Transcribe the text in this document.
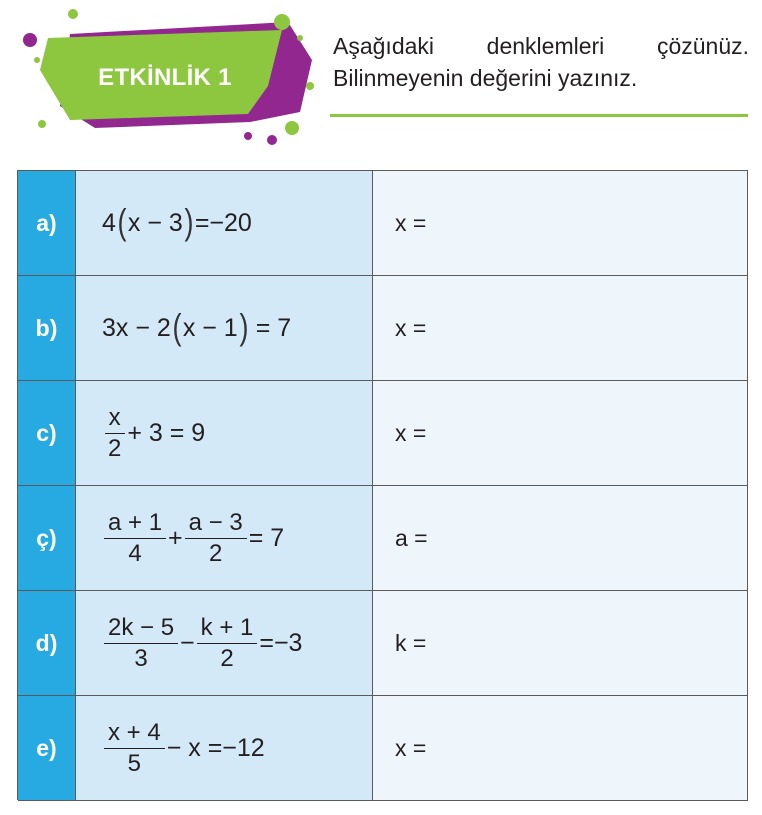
ETKİNLİK 1
Aşağıdaki denklemleri çözünüz.
Bilinmeyenin değerini yazınız.
a)	4 ( x − 3 ) =−20	x =
b)	3x − 2 ( x − 1 ) = 7	x =
c)	$\frac{x}{2} + 3 = 9$	x =
ç)	$\frac{a + 1}{4} + \frac{a - 3}{2} = 7$	a =
d)	$\frac{2k - 5}{3} - \frac{k + 1}{2} =-3$	k =
e)	$\frac{x + 4}{5} - x =-12$	x =
